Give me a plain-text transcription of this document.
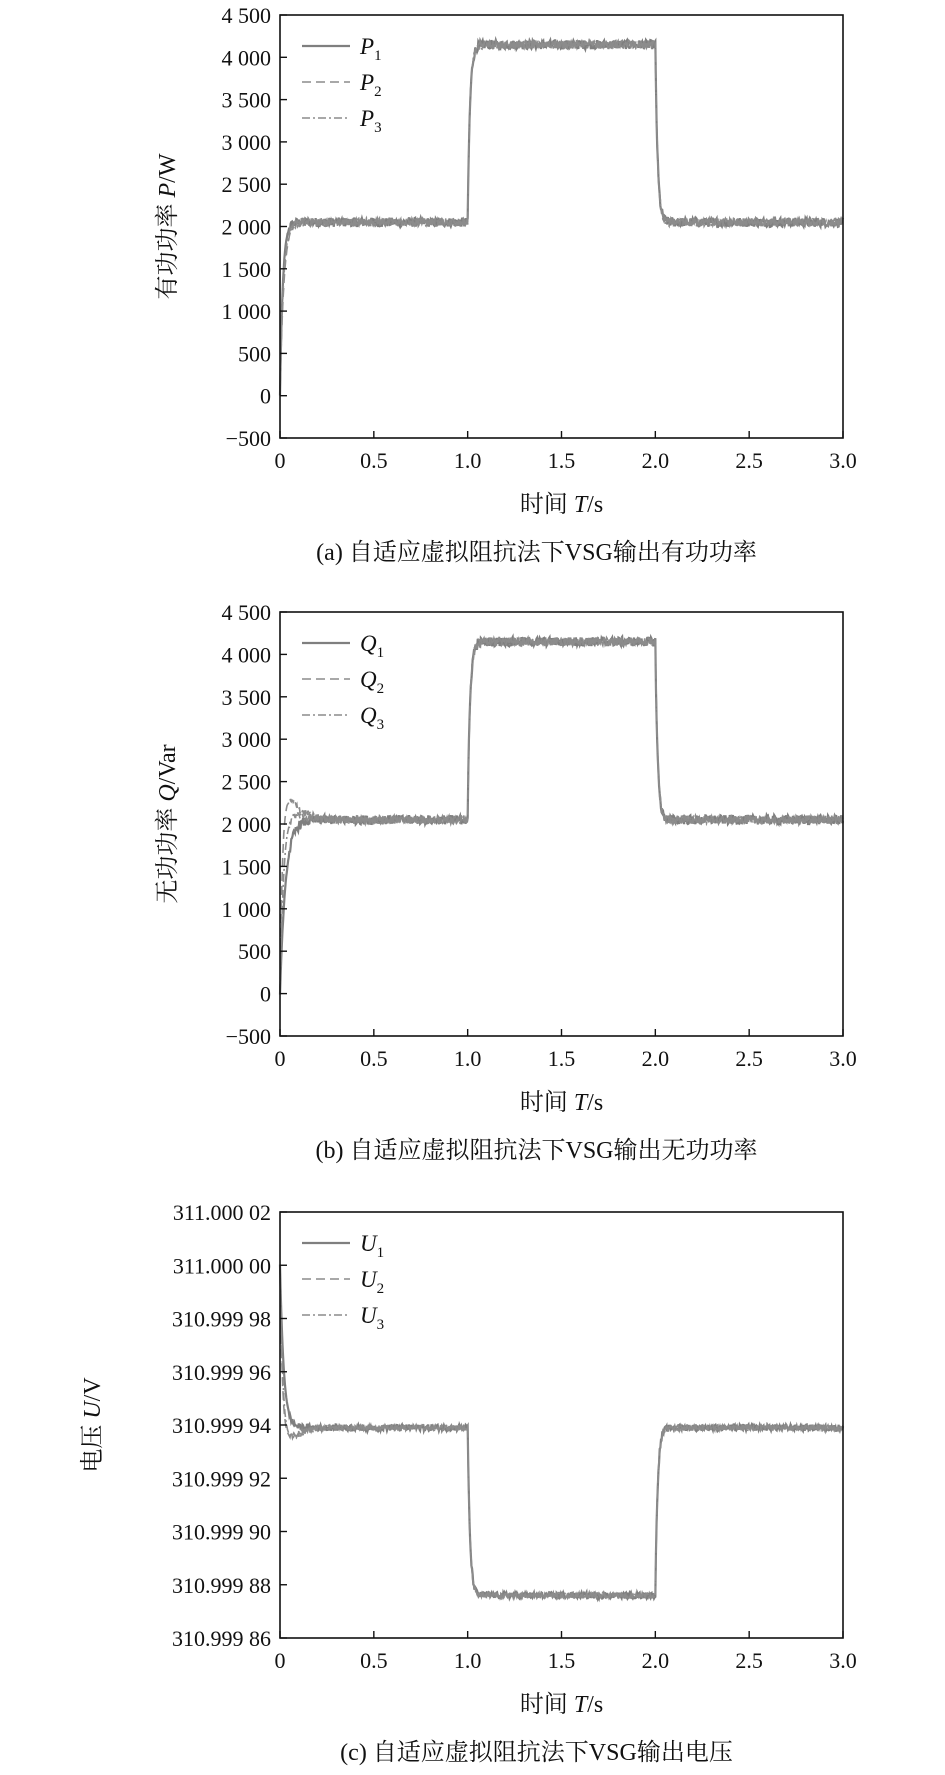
−500
0
500
1 000
1 500
2 000
2 500
3 000
3 500
4 000
4 500
0	0.5	1.0	1.5	2.0	2.5	3.0
$P_1$
$P_2$
$P_3$
时间 T/s
有功功率 P/W
(a) 自适应虚拟阻抗法下VSG输出有功功率
−500
0
500
1 000
1 500
2 000
2 500
3 000
3 500
4 000
4 500
0	0.5	1.0	1.5	2.0	2.5	3.0
$Q_1$
$Q_2$
$Q_3$
时间 T/s
无功功率 Q/Var
(b) 自适应虚拟阻抗法下VSG输出无功功率
310.999 86
310.999 88
310.999 90
310.999 92
310.999 94
310.999 96
310.999 98
311.000 00
311.000 02
0	0.5	1.0	1.5	2.0	2.5	3.0
$U_1$
$U_2$
$U_3$
时间 T/s
电压 U/V
(c) 自适应虚拟阻抗法下VSG输出电压
